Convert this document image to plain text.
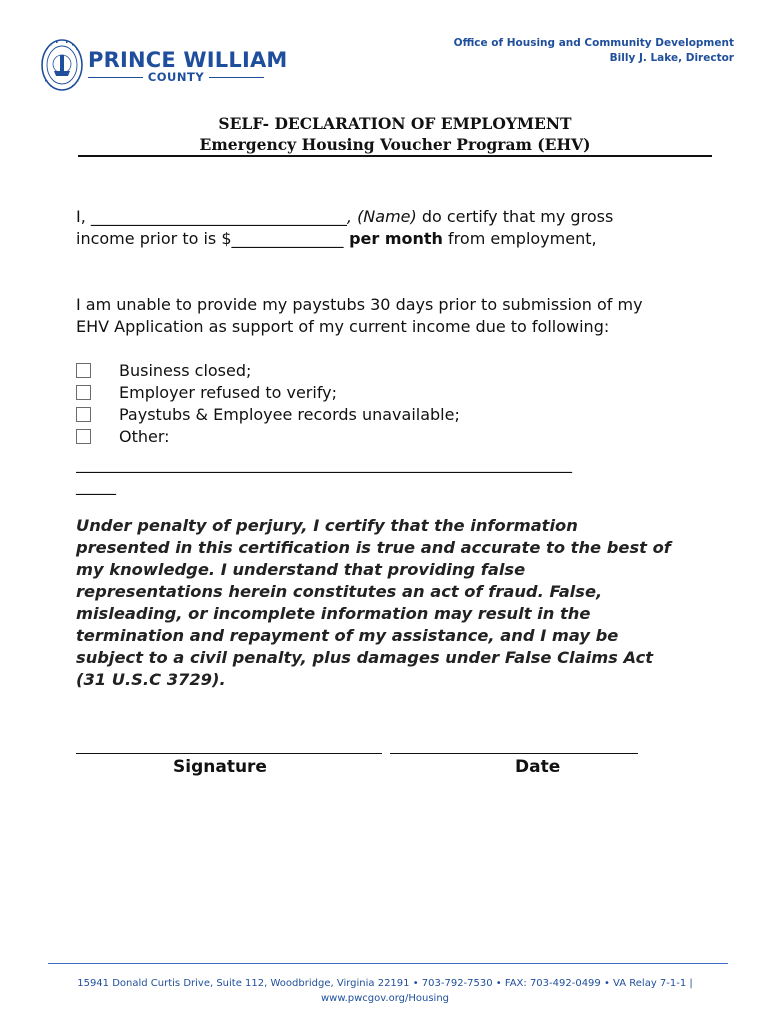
PRINCE WILLIAM
COUNTY
Office of Housing and Community Development
Billy J. Lake, Director
SELF- DECLARATION OF EMPLOYMENT
Emergency Housing Voucher Program (EHV)
I, ________________________________, (Name) do certify that my gross
income prior to is $______________ per month from employment,
I am unable to provide my paystubs 30 days prior to submission of my EHV Application as support of my current income due to following:
Business closed;
Employer refused to verify;
Paystubs & Employee records unavailable;
Other:
______________________________________________________________
_____
Under penalty of perjury, I certify that the information presented in this certification is true and accurate to the best of my knowledge. I understand that providing false representations herein constitutes an act of fraud. False, misleading, or incomplete information may result in the termination and repayment of my assistance, and I may be subject to a civil penalty, plus damages under False Claims Act (31 U.S.C 3729).
Signature	Date
15941 Donald Curtis Drive, Suite 112, Woodbridge, Virginia 22191 • 703-792-7530 • FAX: 703-492-0499 • VA Relay 7-1-1 |
www.pwcgov.org/Housing
